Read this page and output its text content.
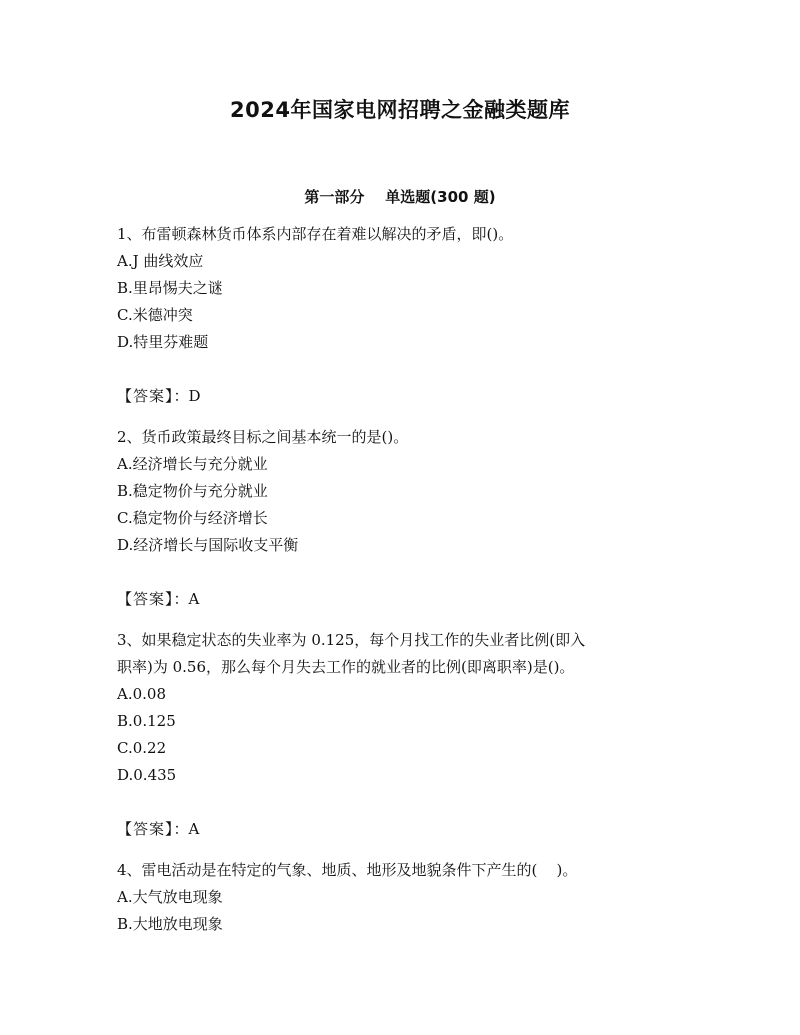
2024年国家电网招聘之金融类题库
第一部分    单选题(300 题)

1、布雷顿森林货币体系内部存在着难以解决的矛盾，即()。

A.J 曲线效应

B.里昂惕夫之谜

C.米德冲突

D.特里芬难题

【答案】：D

2、货币政策最终目标之间基本统一的是()。

A.经济增长与充分就业

B.稳定物价与充分就业

C.稳定物价与经济增长

D.经济增长与国际收支平衡

【答案】：A

3、如果稳定状态的失业率为 0.125，每个月找工作的失业者比例(即入

职率)为 0.56，那么每个月失去工作的就业者的比例(即离职率)是()。

A.0.08

B.0.125

C.0.22

D.0.435

【答案】：A

4、雷电活动是在特定的气象、地质、地形及地貌条件下产生的(    )。

A.大气放电现象

B.大地放电现象
